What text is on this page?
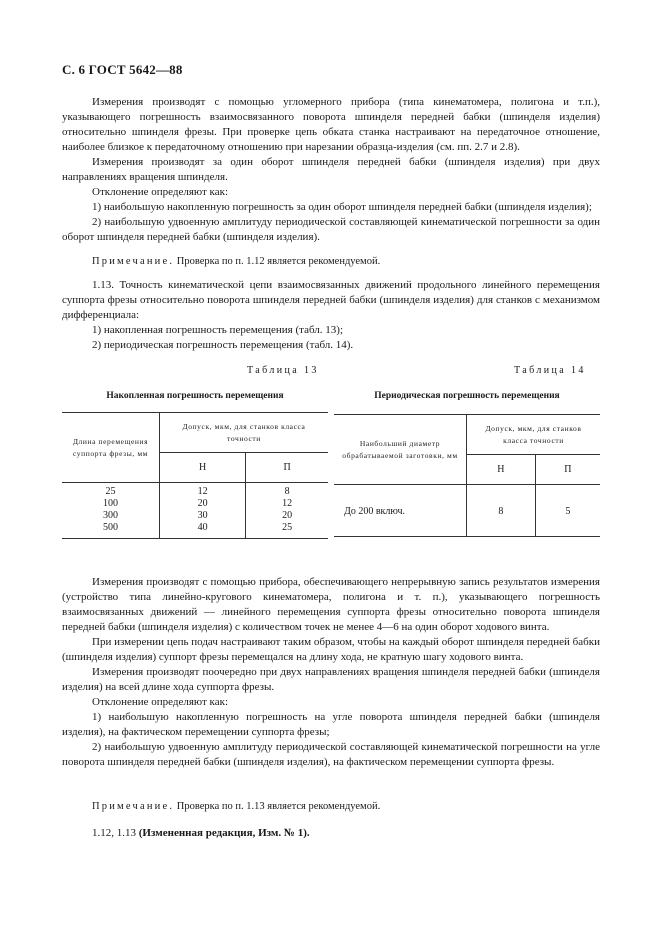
С. 6 ГОСТ 5642—88

Измерения производят с помощью угломерного прибора (типа кинематомера, полигона и т.п.), указывающего погрешность взаимосвязанного поворота шпинделя передней бабки (шпинделя изделия) относительно шпинделя фрезы. При проверке цепь обката станка настраивают на передаточное отношение, наиболее близкое к передаточному отношению при нарезании образца-изделия (см. пп. 2.7 и 2.8).

Измерения производят за один оборот шпинделя передней бабки (шпинделя изделия) при двух направлениях вращения шпинделя.

Отклонение определяют как:

1) наибольшую накопленную погрешность за один оборот шпинделя передней бабки (шпинделя изделия);

2) наибольшую удвоенную амплитуду периодической составляющей кинематической погрешности за один оборот шпинделя передней бабки (шпинделя изделия).

Примечание. Проверка по п. 1.12 является рекомендуемой.

1.13. Точность кинематической цепи взаимосвязанных движений продольного линейного перемещения суппорта фрезы относительно поворота шпинделя передней бабки (шпинделя изделия) для станков с механизмом дифференциала:

1) накопленная погрешность перемещения (табл. 13);

2) периодическая погрешность перемещения (табл. 14).

Таблица 13
Накопленная погрешность перемещения
Длина перемещения суппорта фрезы, мм	Допуск, мкм, для станков класса точности	
	Н	П
25	12	8
100	20	12
300	30	20
500	40	25
Таблица 14
Периодическая погрешность перемещения
Наибольший диаметр обрабатываемой заготовки, мм	Допуск, мкм, для станков класса точности	
	Н	П
До 200 включ.	8	5

Измерения производят с помощью прибора, обеспечивающего непрерывную запись результатов измерения (устройство типа линейно-кругового кинематомера, полигона и т. п.), указывающего погрешность взаимосвязанных движений — линейного перемещения суппорта фрезы относительно поворота шпинделя передней бабки (шпинделя изделия) с количеством точек не менее 4—6 на один оборот ходового винта.

При измерении цепь подач настраивают таким образом, чтобы на каждый оборот шпинделя передней бабки (шпинделя изделия) суппорт фрезы перемещался на длину хода, не кратную шагу ходового винта.

Измерения производят поочередно при двух направлениях вращения шпинделя передней бабки (шпинделя изделия) на всей длине хода суппорта фрезы.

Отклонение определяют как:

1) наибольшую накопленную погрешность на угле поворота шпинделя передней бабки (шпинделя изделия), на фактическом перемещении суппорта фрезы;

2) наибольшую удвоенную амплитуду периодической составляющей кинематической погрешности на угле поворота шпинделя передней бабки (шпинделя изделия), на фактическом перемещении суппорта фрезы.

Примечание. Проверка по п. 1.13 является рекомендуемой.

1.12, 1.13 (Измененная редакция, Изм. № 1).
